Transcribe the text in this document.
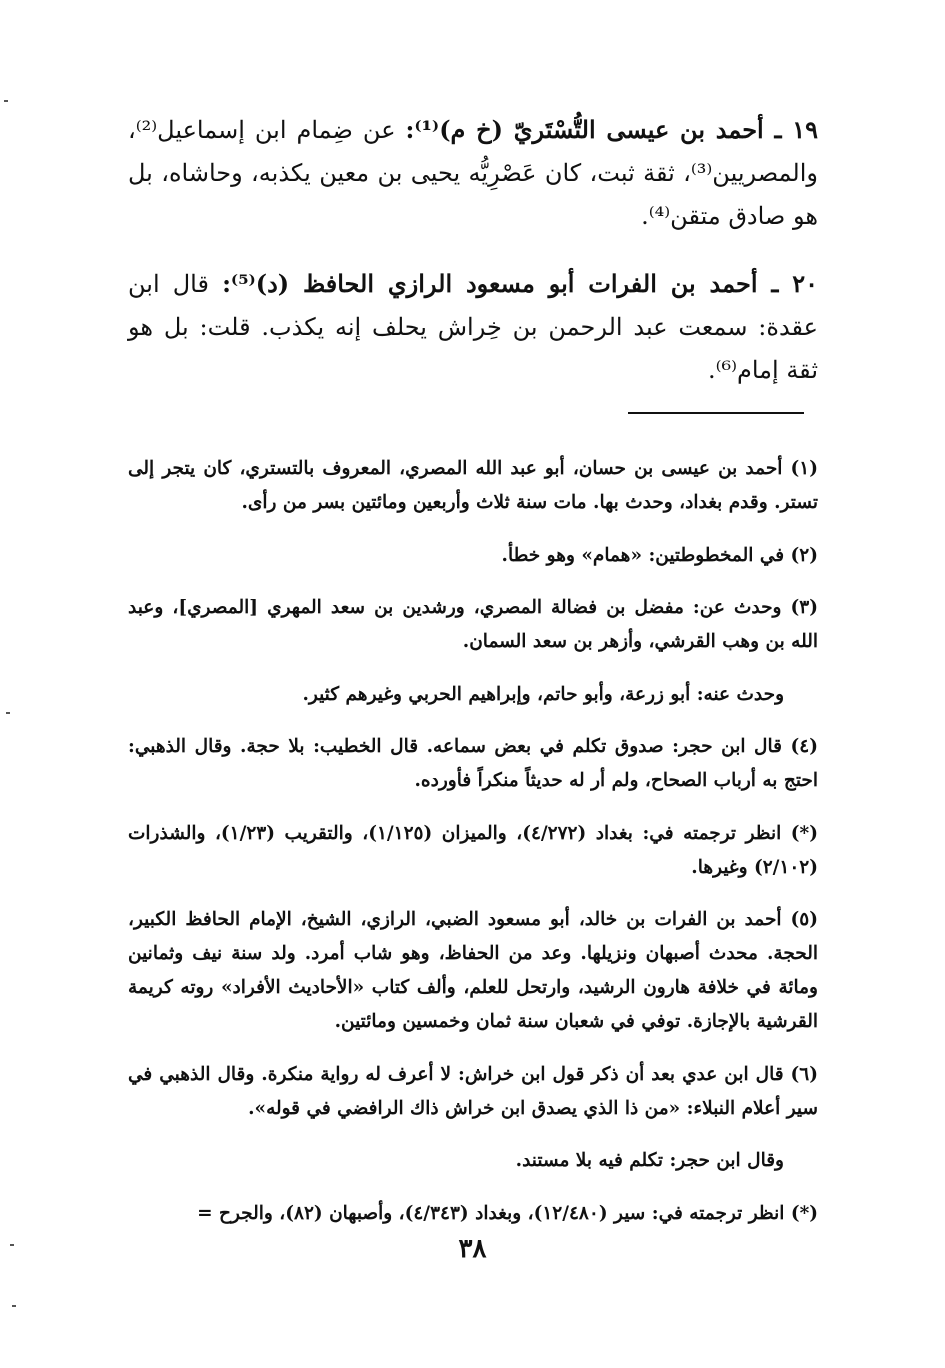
١٩ ـ أحمد بن عيسى التُّسْتَريّ (خ م)⁽¹⁾: عن ضِمام ابن إسماعيل⁽²⁾، والمصريين⁽³⁾، ثقة ثبت، كان عَصْرِيُّه يحيى بن معين يكذبه، وحاشاه، بل هو صادق متقن⁽⁴⁾.

٢٠ ـ أحمد بن الفرات أبو مسعود الرازي الحافظ (د)⁽⁵⁾: قال ابن عقدة: سمعت عبد الرحمن بن خِراش يحلف إنه يكذب. قلت: بل هو ثقة إمام⁽⁶⁾.

(١) أحمد بن عيسى بن حسان، أبو عبد الله المصري، المعروف بالتستري، كان يتجر إلى تستر. وقدم بغداد، وحدث بها. مات سنة ثلاث وأربعين ومائتين بسر من رأى.

(٢) في المخطوطتين: «همام» وهو خطأ.

(٣) وحدث عن: مفضل بن فضالة المصري، ورشدين بن سعد المهري [المصري]، وعبد الله بن وهب القرشي، وأزهر بن سعد السمان.

وحدث عنه: أبو زرعة، وأبو حاتم، وإبراهيم الحربي وغيرهم كثير.

(٤) قال ابن حجر: صدوق تكلم في بعض سماعه. قال الخطيب: بلا حجة. وقال الذهبي: احتج به أرباب الصحاح، ولم أر له حديثاً منكراً فأورده.

(*) انظر ترجمته في: بغداد (٤/٢٧٢)، والميزان (١/١٢٥)، والتقريب (١/٢٣)، والشذرات (٢/١٠٢) وغيرها.

(٥) أحمد بن الفرات بن خالد، أبو مسعود الضبي، الرازي، الشيخ، الإمام الحافظ الكبير، الحجة. محدث أصبهان ونزيلها. وعد من الحفاظ، وهو شاب أمرد. ولد سنة نيف وثمانين ومائة في خلافة هارون الرشيد، وارتحل للعلم، وألف كتاب «الأحاديث الأفراد» روته كريمة القرشية بالإجازة. توفي في شعبان سنة ثمان وخمسين ومائتين.

(٦) قال ابن عدي بعد أن ذكر قول ابن خراش: لا أعرف له رواية منكرة. وقال الذهبي في سير أعلام النبلاء: «من ذا الذي يصدق ابن خراش ذاك الرافضي في قوله».

وقال ابن حجر: تكلم فيه بلا مستند.

(*) انظر ترجمته في: سير (١٢/٤٨٠)، وبغداد (٤/٣٤٣)، وأصبهان (٨٢)، والجرح =

٣٨
